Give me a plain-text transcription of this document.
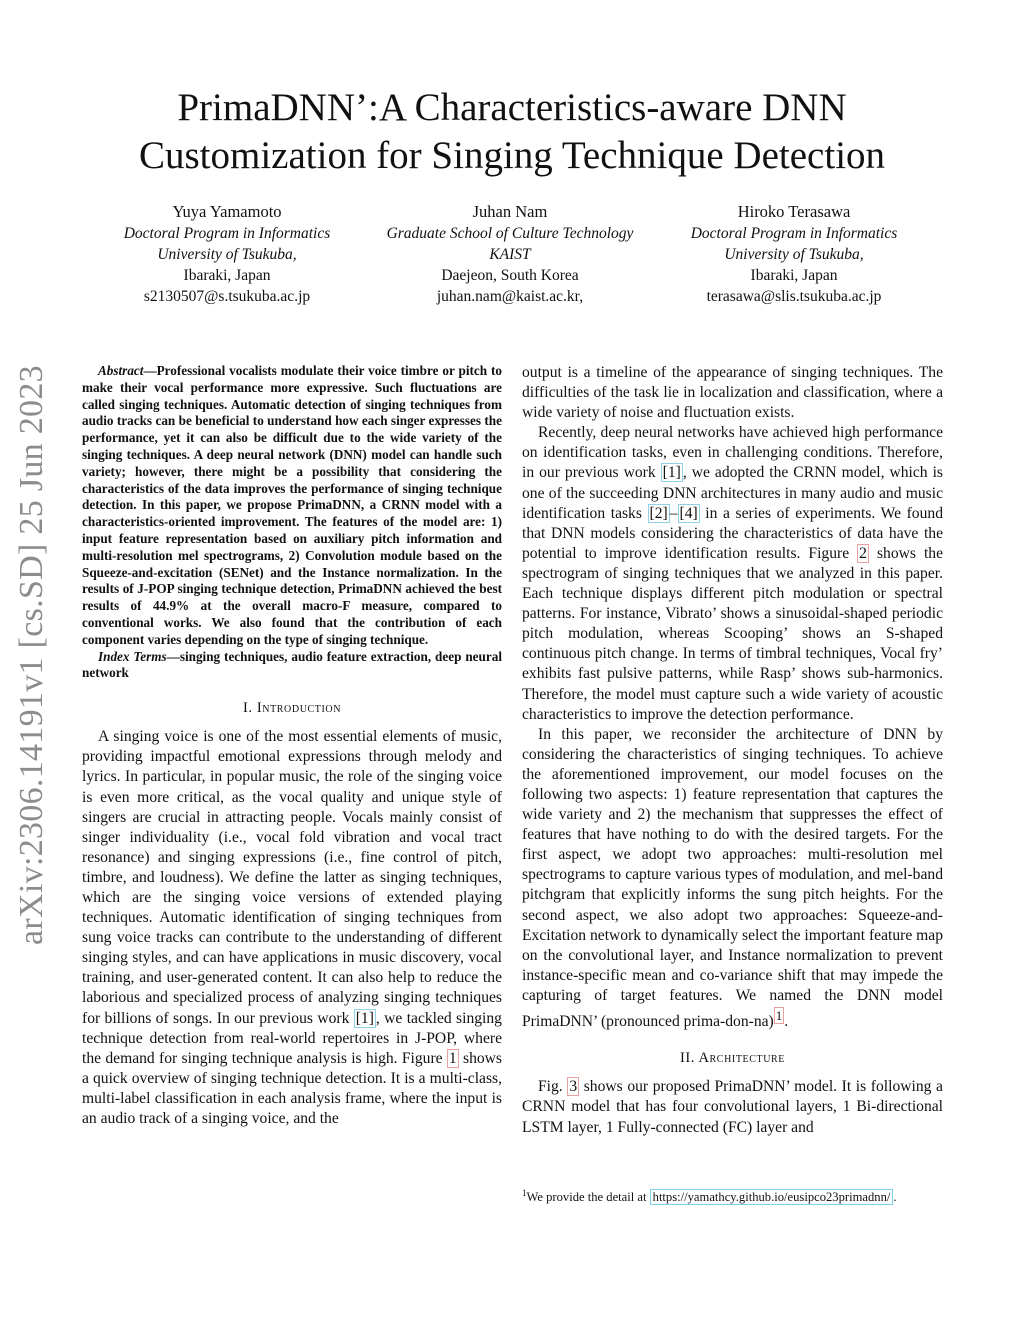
arXiv:2306.14191v1 [cs.SD] 25 Jun 2023
PrimaDNN’:A Characteristics-aware DNN
Customization for Singing Technique Detection
Yuya Yamamoto
Doctoral Program in Informatics
University of Tsukuba,
Ibaraki, Japan
s2130507@s.tsukuba.ac.jp
Juhan Nam
Graduate School of Culture Technology
KAIST
Daejeon, South Korea
juhan.nam@kaist.ac.kr,
Hiroko Terasawa
Doctoral Program in Informatics
University of Tsukuba,
Ibaraki, Japan
terasawa@slis.tsukuba.ac.jp

Abstract—Professional vocalists modulate their voice timbre or pitch to make their vocal performance more expressive. Such fluctuations are called singing techniques. Automatic detection of singing techniques from audio tracks can be beneficial to understand how each singer expresses the performance, yet it can also be difficult due to the wide variety of the singing techniques. A deep neural network (DNN) model can handle such variety; however, there might be a possibility that considering the characteristics of the data improves the performance of singing technique detection. In this paper, we propose PrimaDNN, a CRNN model with a characteristics-oriented improvement. The features of the model are: 1) input feature representation based on auxiliary pitch information and multi-resolution mel spectrograms, 2) Convolution module based on the Squeeze-and-excitation (SENet) and the Instance normalization. In the results of J-POP singing technique detection, PrimaDNN achieved the best results of 44.9% at the overall macro-F measure, compared to conventional works. We also found that the contribution of each component varies depending on the type of singing technique.

Index Terms—singing techniques, audio feature extraction, deep neural network

I. Introduction

A singing voice is one of the most essential elements of music, providing impactful emotional expressions through melody and lyrics. In particular, in popular music, the role of the singing voice is even more critical, as the vocal quality and unique style of singers are crucial in attracting people. Vocals mainly consist of singer individuality (i.e., vocal fold vibration and vocal tract resonance) and singing expressions (i.e., fine control of pitch, timbre, and loudness). We define the latter as singing techniques, which are the singing voice versions of extended playing techniques. Automatic identification of singing techniques from sung voice tracks can contribute to the understanding of different singing styles, and can have applications in music discovery, vocal training, and user-generated content. It can also help to reduce the laborious and specialized process of analyzing singing techniques for billions of songs. In our previous work [1] , we tackled singing technique detection from real-world repertoires in J-POP, where the demand for singing technique analysis is high. Figure 1 shows a quick overview of singing technique detection. It is a multi-class, multi-label classification in each analysis frame, where the input is an audio track of a singing voice, and the

output is a timeline of the appearance of singing techniques. The difficulties of the task lie in localization and classification, where a wide variety of noise and fluctuation exists.

Recently, deep neural networks have achieved high performance on identification tasks, even in challenging conditions. Therefore, in our previous work [1] , we adopted the CRNN model, which is one of the succeeding DNN architectures in many audio and music identification tasks [2] – [4] in a series of experiments. We found that DNN models considering the characteristics of data have the potential to improve identification results. Figure 2 shows the spectrogram of singing techniques that we analyzed in this paper. Each technique displays different pitch modulation or spectral patterns. For instance, Vibrato’ shows a sinusoidal-shaped periodic pitch modulation, whereas Scooping’ shows an S-shaped continuous pitch change. In terms of timbral techniques, Vocal fry’ exhibits fast pulsive patterns, while Rasp’ shows sub-harmonics. Therefore, the model must capture such a wide variety of acoustic characteristics to improve the detection performance.

In this paper, we reconsider the architecture of DNN by considering the characteristics of singing techniques. To achieve the aforementioned improvement, our model focuses on the following two aspects: 1) feature representation that captures the wide variety and 2) the mechanism that suppresses the effect of features that have nothing to do with the desired targets. For the first aspect, we adopt two approaches: multi-resolution mel spectrograms to capture various types of modulation, and mel-band pitchgram that explicitly informs the sung pitch heights. For the second aspect, we also adopt two approaches: Squeeze-and-Excitation network to dynamically select the important feature map on the convolutional layer, and Instance normalization to prevent instance-specific mean and co-variance shift that may impede the capturing of target features. We named the DNN model PrimaDNN’ (pronounced prima-don-na) $^1$ .

II. Architecture

Fig. 3 shows our proposed PrimaDNN’ model. It is following a CRNN model that has four convolutional layers, 1 Bi-directional LSTM layer, 1 Fully-connected (FC) layer and

$^1$We provide the detail at https://yamathcy.github.io/eusipco23primadnn/ .
